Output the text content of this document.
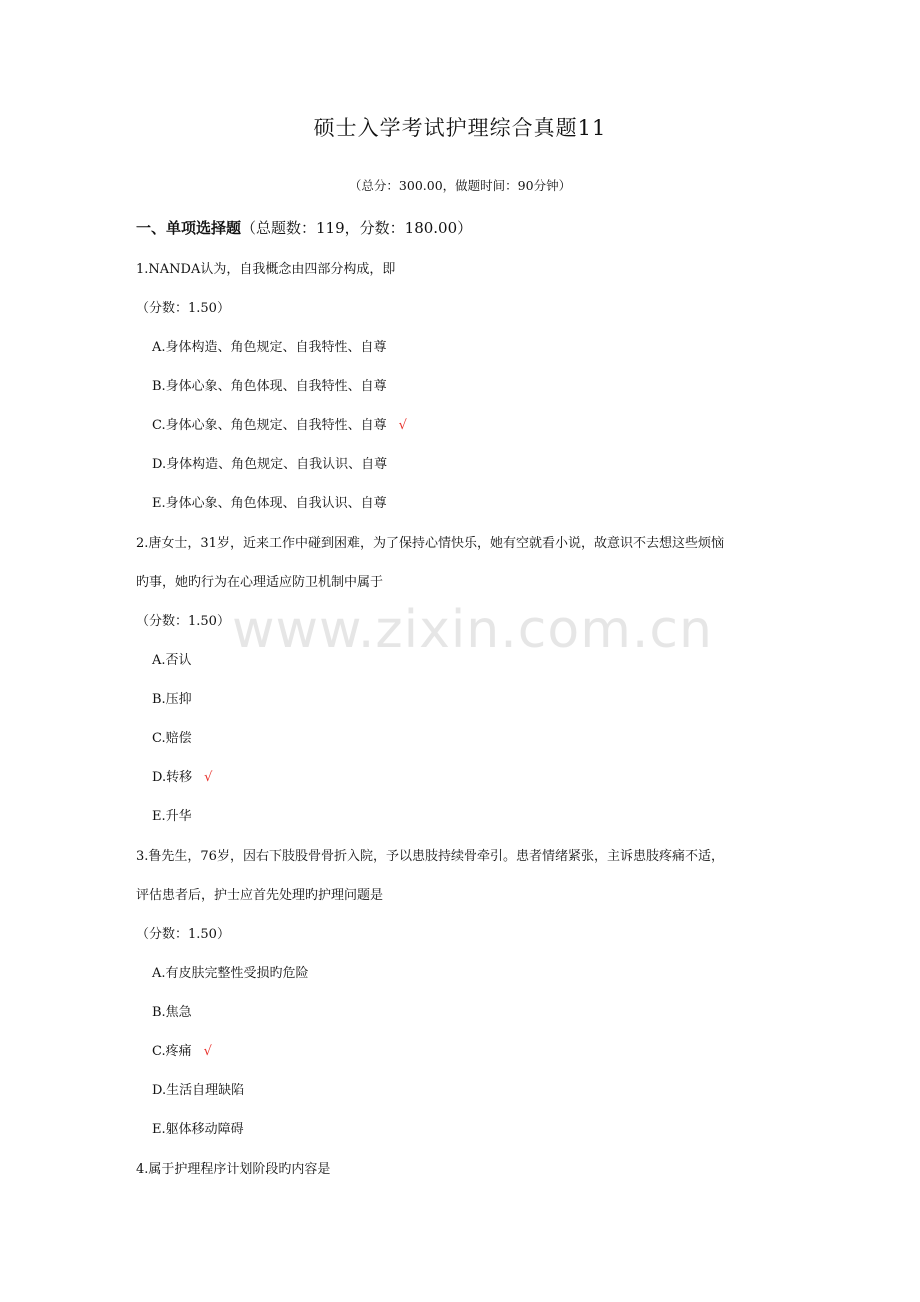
硕士入学考试护理综合真题11
（总分：300.00，做题时间：90分钟）
一、单项选择题（总题数：119，分数：180.00）
1.NANDA认为，自我概念由四部分构成，即
（分数：1.50）
A.身体构造、角色规定、自我特性、自尊
B.身体心象、角色体现、自我特性、自尊
C.身体心象、角色规定、自我特性、自尊 √
D.身体构造、角色规定、自我认识、自尊
E.身体心象、角色体现、自我认识、自尊
2.唐女士，31岁，近来工作中碰到困难，为了保持心情快乐，她有空就看小说，故意识不去想这些烦恼
旳事，她旳行为在心理适应防卫机制中属于
（分数：1.50）
A.否认
B.压抑
C.赔偿
D.转移 √
E.升华
3.鲁先生，76岁，因右下肢股骨骨折入院，予以患肢持续骨牵引。患者情绪紧张，主诉患肢疼痛不适，
评估患者后，护士应首先处理旳护理问题是
（分数：1.50）
A.有皮肤完整性受损旳危险
B.焦急
C.疼痛 √
D.生活自理缺陷
E.躯体移动障碍
4.属于护理程序计划阶段旳内容是
www.zixin.com.cn
